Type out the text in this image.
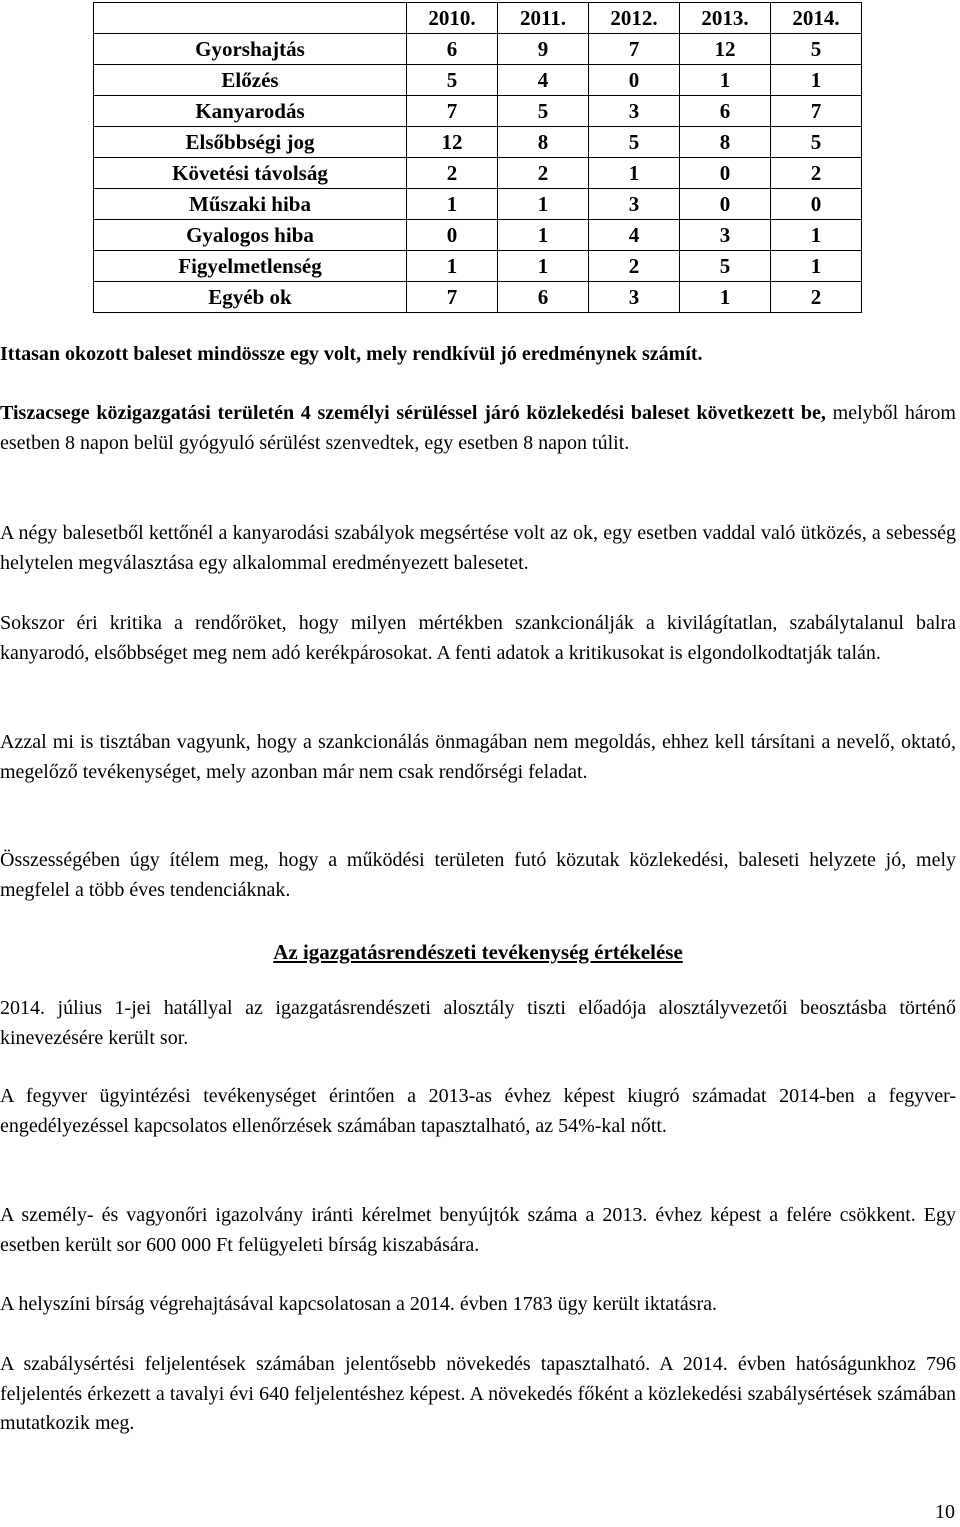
	2010.	2011.	2012.	2013.	2014.
Gyorshajtás	6	9	7	12	5
Előzés	5	4	0	1	1
Kanyarodás	7	5	3	6	7
Elsőbbségi jog	12	8	5	8	5
Követési távolság	2	2	1	0	2
Műszaki hiba	1	1	3	0	0
Gyalogos hiba	0	1	4	3	1
Figyelmetlenség	1	1	2	5	1
Egyéb ok	7	6	3	1	2

Ittasan okozott baleset mindössze egy volt, mely rendkívül jó eredménynek számít.

Tiszacsege közigazgatási területén 4 személyi sérüléssel járó közlekedési baleset következett be, melyből három esetben 8 napon belül gyógyuló sérülést szenvedtek, egy esetben 8 napon túlit.

A négy balesetből kettőnél a kanyarodási szabályok megsértése volt az ok, egy esetben vaddal való ütközés, a sebesség helytelen megválasztása egy alkalommal eredményezett balesetet.

Sokszor éri kritika a rendőröket, hogy milyen mértékben szankcionálják a kivilágítatlan, szabálytalanul balra kanyarodó, elsőbbséget meg nem adó kerékpárosokat. A fenti adatok a kritikusokat is elgondolkodtatják talán.

Azzal mi is tisztában vagyunk, hogy a szankcionálás önmagában nem megoldás, ehhez kell társítani a nevelő, oktató, megelőző tevékenységet, mely azonban már nem csak rendőrségi feladat.

Összességében úgy ítélem meg, hogy a működési területen futó közutak közlekedési, baleseti helyzete jó, mely megfelel a több éves tendenciáknak.

Az igazgatásrendészeti tevékenység értékelése

2014. július 1-jei hatállyal az igazgatásrendészeti alosztály tiszti előadója alosztályvezetői beosztásba történő kinevezésére került sor.

A fegyver ügyintézési tevékenységet érintően a 2013-as évhez képest kiugró számadat 2014-ben a fegyver-engedélyezéssel kapcsolatos ellenőrzések számában tapasztalható, az 54%-kal nőtt.

A személy- és vagyonőri igazolvány iránti kérelmet benyújtók száma a 2013. évhez képest a felére csökkent. Egy esetben került sor 600 000 Ft felügyeleti bírság kiszabására.

A helyszíni bírság végrehajtásával kapcsolatosan a 2014. évben 1783 ügy került iktatásra.

A szabálysértési feljelentések számában jelentősebb növekedés tapasztalható. A 2014. évben hatóságunkhoz 796 feljelentés érkezett a tavalyi évi 640 feljelentéshez képest. A növekedés főként a közlekedési szabálysértések számában mutatkozik meg.

10
